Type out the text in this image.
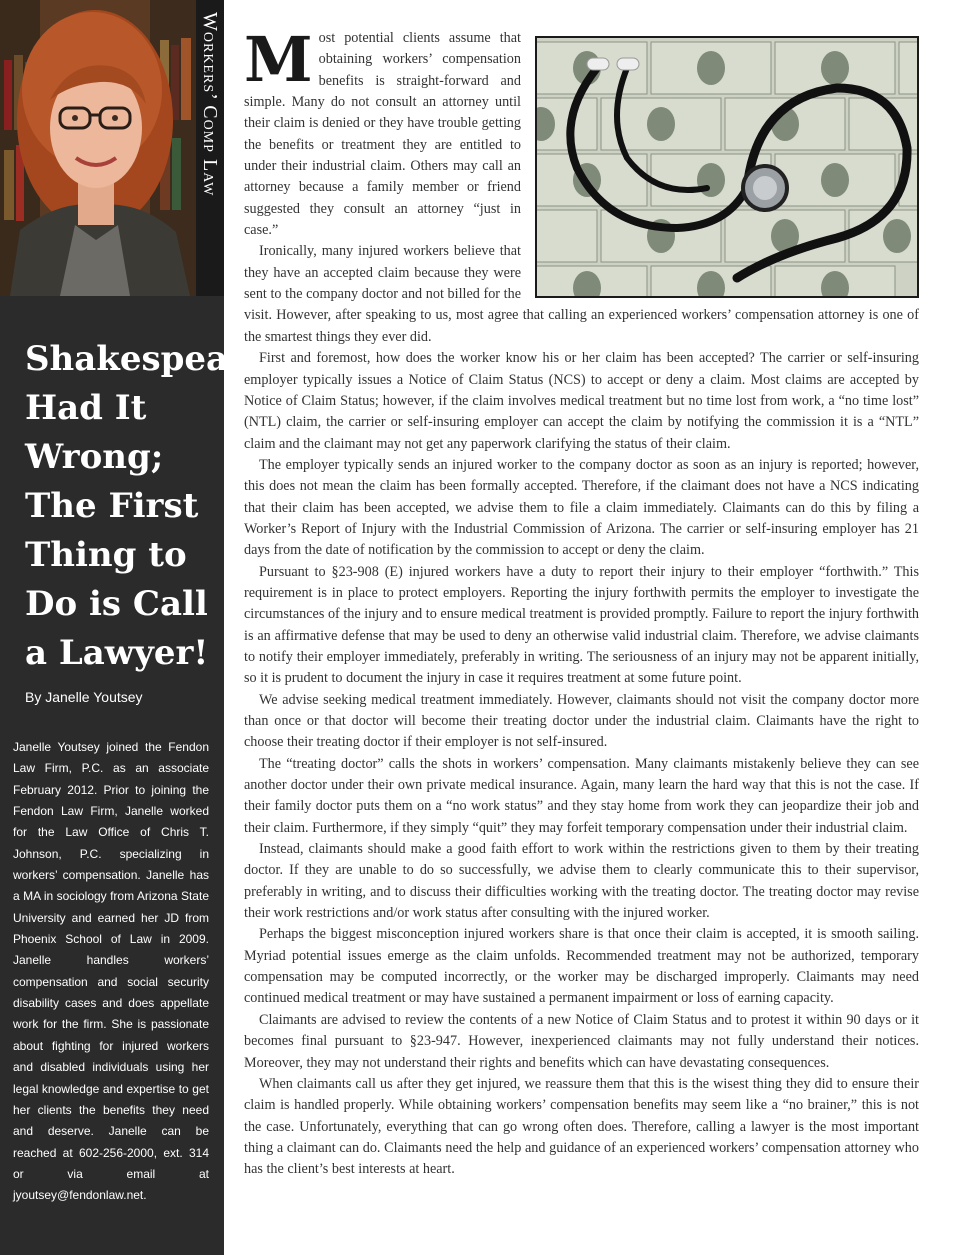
Workers’ Comp Law
Shakespeare Had It Wrong; The First Thing to Do is Call a Lawyer!
By Janelle Youtsey
Janelle Youtsey joined the Fendon Law Firm, P.C. as an associate February 2012. Prior to joining the Fendon Law Firm, Janelle worked for the Law Office of Chris T. Johnson, P.C. specializing in workers’ compensation. Janelle has a MA in sociology from Arizona State University and earned her JD from Phoenix School of Law in 2009. Janelle handles workers’ compensation and social security disability cases and does appellate work for the firm. She is passionate about fighting for injured workers and disabled individuals using her legal knowledge and expertise to get her clients the benefits they need and deserve. Janelle can be reached at 602-256-2000, ext. 314 or via email at jyoutsey@fendonlaw.net.

Most potential clients assume that obtaining workers’ compensation benefits is straight-forward and simple. Many do not consult an attorney until their claim is denied or they have trouble getting the benefits or treatment they are entitled to under their industrial claim. Others may call an attorney because a family member or friend suggested they consult an attorney “just in case.”

Ironically, many injured workers believe that they have an accepted claim because they were sent to the company doctor and not billed for the visit. However, after speaking to us, most agree that calling an experienced workers’ compensation attorney is one of the smartest things they ever did.

First and foremost, how does the worker know his or her claim has been accepted? The carrier or self-insuring employer typically issues a Notice of Claim Status (NCS) to accept or deny a claim. Most claims are accepted by Notice of Claim Status; however, if the claim involves medical treatment but no time lost from work, a “no time lost” (NTL) claim, the carrier or self-insuring employer can accept the claim by notifying the commission it is a “NTL” claim and the claimant may not get any paperwork clarifying the status of their claim.

The employer typically sends an injured worker to the company doctor as soon as an injury is reported; however, this does not mean the claim has been formally accepted. Therefore, if the claimant does not have a NCS indicating that their claim has been accepted, we advise them to file a claim immediately. Claimants can do this by filing a Worker’s Report of Injury with the Industrial Commission of Arizona. The carrier or self-insuring employer has 21 days from the date of notification by the commission to accept or deny the claim.

Pursuant to §23-908 (E) injured workers have a duty to report their injury to their employer “forthwith.” This requirement is in place to protect employers. Reporting the injury forthwith permits the employer to investigate the circumstances of the injury and to ensure medical treatment is provided promptly. Failure to report the injury forthwith is an affirmative defense that may be used to deny an otherwise valid industrial claim. Therefore, we advise claimants to notify their employer immediately, preferably in writing. The seriousness of an injury may not be apparent initially, so it is prudent to document the injury in case it requires treatment at some future point.

We advise seeking medical treatment immediately. However, claimants should not visit the company doctor more than once or that doctor will become their treating doctor under the industrial claim. Claimants have the right to choose their treating doctor if their employer is not self-insured.

The “treating doctor” calls the shots in workers’ compensation. Many claimants mistakenly believe they can see another doctor under their own private medical insurance. Again, many learn the hard way that this is not the case. If their family doctor puts them on a “no work status” and they stay home from work they can jeopardize their job and their claim. Furthermore, if they simply “quit” they may forfeit temporary compensation under their industrial claim.

Instead, claimants should make a good faith effort to work within the restrictions given to them by their treating doctor. If they are unable to do so successfully, we advise them to clearly communicate this to their supervisor, preferably in writing, and to discuss their difficulties working with the treating doctor. The treating doctor may revise their work restrictions and/or work status after consulting with the injured worker.

Perhaps the biggest misconception injured workers share is that once their claim is accepted, it is smooth sailing. Myriad potential issues emerge as the claim unfolds. Recommended treatment may not be authorized, temporary compensation may be computed incorrectly, or the worker may be discharged improperly. Claimants may need continued medical treatment or may have sustained a permanent impairment or loss of earning capacity.

Claimants are advised to review the contents of a new Notice of Claim Status and to protest it within 90 days or it becomes final pursuant to §23-947. However, inexperienced claimants may not fully understand their notices. Moreover, they may not understand their rights and benefits which can have devastating consequences.

When claimants call us after they get injured, we reassure them that this is the wisest thing they did to ensure their claim is handled properly. While obtaining workers’ compensation benefits may seem like a “no brainer,” this is not the case. Unfortunately, everything that can go wrong often does. Therefore, calling a lawyer is the most important thing a claimant can do. Claimants need the help and guidance of an experienced workers’ compensation attorney who has the client’s best interests at heart.
